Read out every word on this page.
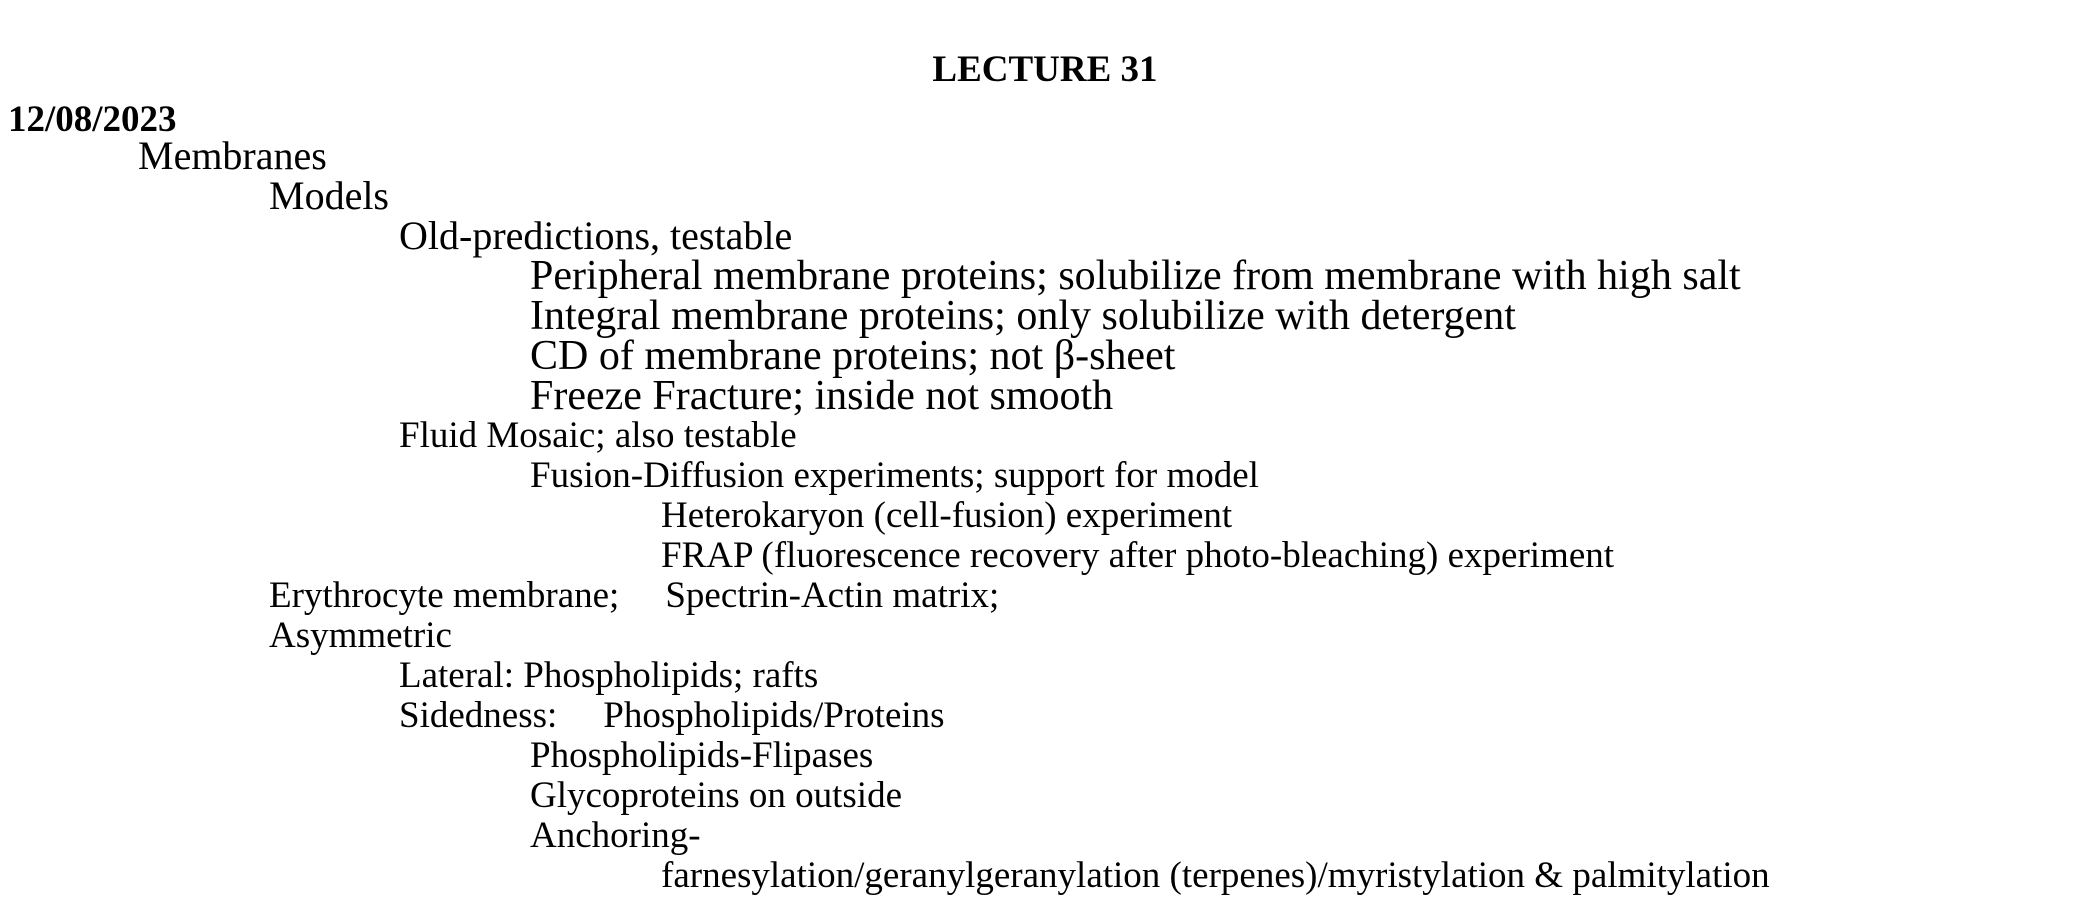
LECTURE 31
12/08/2023
Membranes
Models
Old-predictions, testable
Peripheral membrane proteins; solubilize from membrane with high salt
Integral membrane proteins; only solubilize with detergent
CD of membrane proteins; not β-sheet
Freeze Fracture; inside not smooth
Fluid Mosaic; also testable
Fusion-Diffusion experiments; support for model
Heterokaryon (cell-fusion) experiment
FRAP (fluorescence recovery after photo-bleaching) experiment
Erythrocyte membrane; Spectrin-Actin matrix;
Asymmetric
Lateral: Phospholipids; rafts
Sidedness: Phospholipids/Proteins
Phospholipids-Flipases
Glycoproteins on outside
Anchoring-
farnesylation/geranylgeranylation (terpenes)/myristylation & palmitylation
